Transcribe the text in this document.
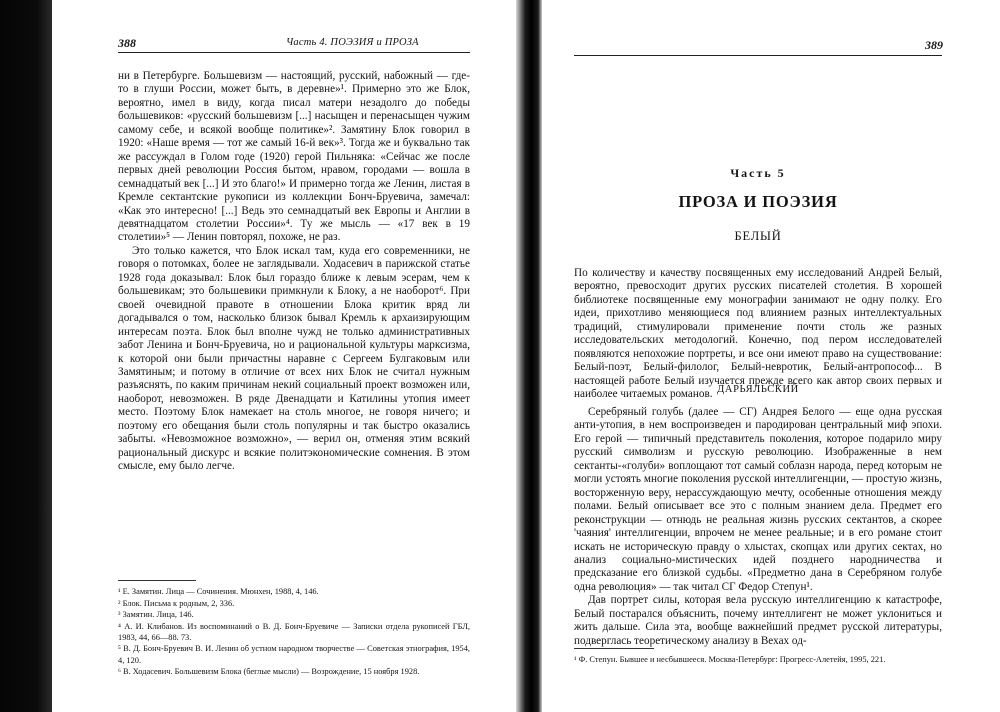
388	Часть 4. ПОЭЗИЯ и ПРОЗА

ни в Петербурге. Большевизм — настоящий, русский, набожный — где-то в глуши России, может быть, в деревне»¹. Примерно это же Блок, вероятно, имел в виду, когда писал матери незадолго до победы большевиков: «русский большевизм [...] насыщен и перенасыщен чужим самому себе, и всякой вообще политике»². Замятину Блок говорил в 1920: «Наше время — тот же самый 16-й век»³. Тогда же и буквально так же рассуждал в Голом годе (1920) герой Пильняка: «Сейчас же после первых дней революции Россия бытом, нравом, городами — вошла в семнадцатый век [...] И это благо!» И примерно тогда же Ленин, листая в Кремле сектантские рукописи из коллекции Бонч-Бруевича, замечал: «Как это интересно! [...] Ведь это семнадцатый век Европы и Англии в девятнадцатом столетии России»⁴. Ту же мысль — «17 век в 19 столетии»⁵ — Ленин повторял, похоже, не раз.

Это только кажется, что Блок искал там, куда его современники, не говоря о потомках, более не заглядывали. Ходасевич в парижской статье 1928 года доказывал: Блок был гораздо ближе к левым эсерам, чем к большевикам; это большевики примкнули к Блоку, а не наоборот⁶. При своей очевидной правоте в отношении Блока критик вряд ли догадывался о том, насколько близок бывал Кремль к архаизирующим интересам поэта. Блок был вполне чужд не только административных забот Ленина и Бонч-Бруевича, но и рациональной культуры марксизма, к которой они были причастны наравне с Сергеем Булгаковым или Замятиным; и потому в отличие от всех них Блок не считал нужным разъяснять, по каким причинам некий социальный проект возможен или, наоборот, невозможен. В ряде Двенадцати и Катилины утопия имеет место. Поэтому Блок намекает на столь многое, не говоря ничего; и поэтому его обещания были столь популярны и так быстро оказались забыты. «Невозможное возможно», — верил он, отменяя этим всякий рациональный дискурс и всякие политэкономические сомнения. В этом смысле, ему было легче.

¹ Е. Замятин. Лица — Сочинения. Мюнхен, 1988, 4, 146.
² Блок. Письма к родным, 2, 336.
³ Замятин. Лица, 146.
⁴ А. И. Клибанов. Из воспоминаний о В. Д. Бонч-Бруевиче — Записки отдела рукописей ГБЛ, 1983, 44, 66—88. 73.
⁵ В. Д. Бонч-Бруевич В. И. Ленин об устном народном творчестве — Советская этнография, 1954, 4, 120.
⁶ В. Ходасевич. Большевизм Блока (беглые мысли) — Возрождение, 15 ноября 1928.
389
Часть 5
ПРОЗА И ПОЭЗИЯ
БЕЛЫЙ

По количеству и качеству посвященных ему исследований Андрей Белый, вероятно, превосходит других русских писателей столетия. В хорошей библиотеке посвященные ему монографии занимают не одну полку. Его идеи, прихотливо меняющиеся под влиянием разных интеллектуальных традиций, стимулировали применение почти столь же разных исследовательских методологий. Конечно, под пером исследователей появляются непохожие портреты, и все они имеют право на существование: Белый-поэт, Белый-филолог, Белый-невротик, Белый-антропософ... В настоящей работе Белый изучается прежде всего как автор своих первых и наиболее читаемых романов. ДАРЬЯЛЬСКИЙ

Серебряный голубь (далее — СГ) Андрея Белого — еще одна русская анти-утопия, в нем воспроизведен и пародирован центральный миф эпохи. Его герой — типичный представитель поколения, которое подарило миру русский символизм и русскую революцию. Изображенные в нем сектанты-«голуби» воплощают тот самый соблазн народа, перед которым не могли устоять многие поколения русской интеллигенции, — простую жизнь, восторженную веру, нерассуждающую мечту, особенные отношения между полами. Белый описывает все это с полным знанием дела. Предмет его реконструкции — отнюдь не реальная жизнь русских сектантов, а скорее 'чаяния' интеллигенции, впрочем не менее реальные; и в его романе стоит искать не историческую правду о хлыстах, скопцах или других сектах, но анализ социально-мистических идей позднего народничества и предсказание его близкой судьбы. «Предметно дана в Серебряном голубе одна революция» — так читал СГ Федор Степун¹.

Дав портрет силы, которая вела русскую интеллигенцию к катастрофе, Белый постарался объяснить, почему интеллигент не может уклониться и жить дальше. Сила эта, вообще важнейший предмет русской литературы, подверглась теоретическому анализу в Вехах од-

¹ Ф. Степун. Бывшее и несбывшееся. Москва-Петербург: Прогресс-Алетейя, 1995, 221.
